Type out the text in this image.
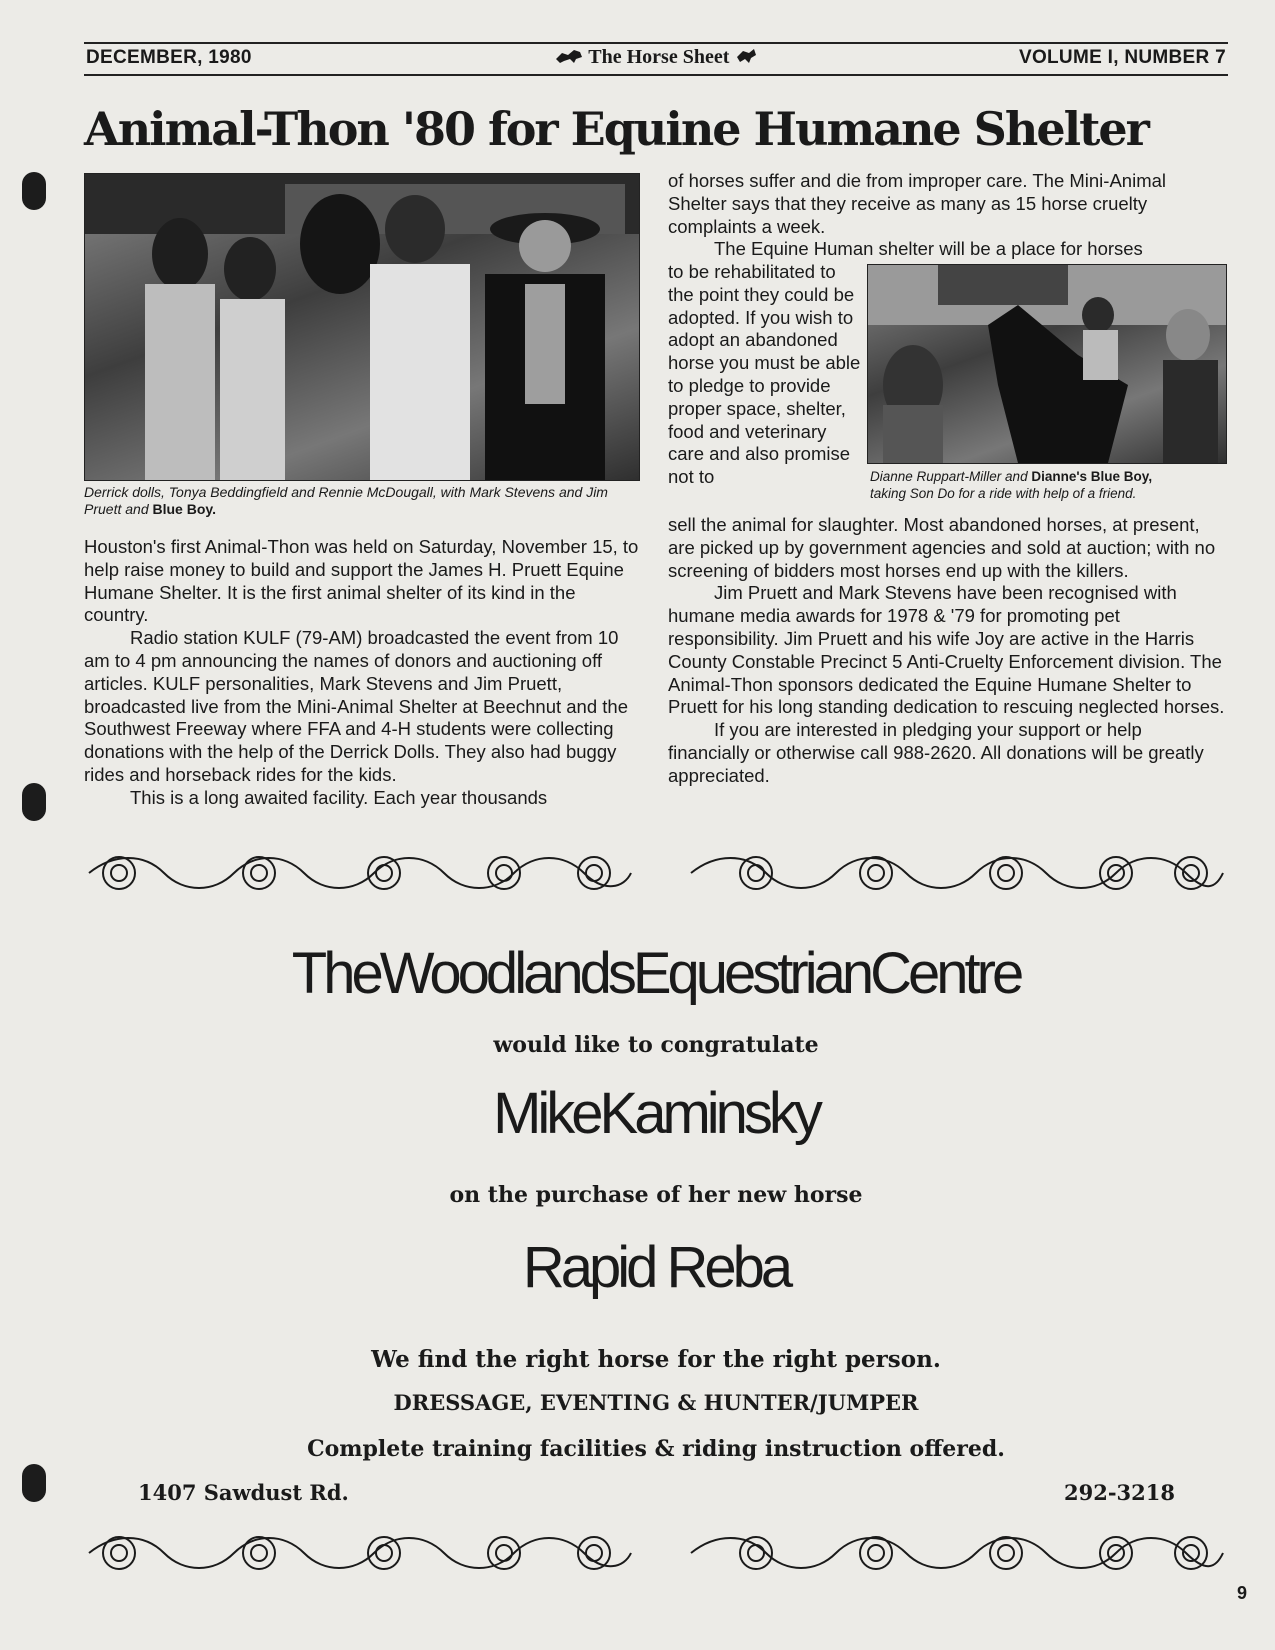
DECEMBER, 1980	The Horse Sheet	VOLUME I, NUMBER 7
Animal-Thon '80 for Equine Humane Shelter
Derrick dolls, Tonya Beddingfield and Rennie McDougall, with Mark Stevens and Jim Pruett and Blue Boy.

Houston's first Animal-Thon was held on Saturday, November 15, to help raise money to build and support the James H. Pruett Equine Humane Shelter. It is the first animal shelter of its kind in the country.

Radio station KULF (79-AM) broadcasted the event from 10 am to 4 pm announcing the names of donors and auctioning off articles. KULF personalities, Mark Stevens and Jim Pruett, broadcasted live from the Mini-Animal Shelter at Beechnut and the Southwest Freeway where FFA and 4-H students were collecting donations with the help of the Derrick Dolls. They also had buggy rides and horseback rides for the kids.

This is a long awaited facility. Each year thousands

of horses suffer and die from improper care. The Mini-Animal Shelter says that they receive as many as 15 horse cruelty complaints a week.

The Equine Human shelter will be a place for horses

to be rehabilitated to the point they could be adopted. If you wish to adopt an abandoned horse you must be able to pledge to provide proper space, shelter, food and veterinary care and also promise not to	Dianne Ruppart-Miller and Dianne's Blue Boy,
taking Son Do for a ride with help of a friend.

sell the animal for slaughter. Most abandoned horses, at present, are picked up by government agencies and sold at auction; with no screening of bidders most horses end up with the killers.

Jim Pruett and Mark Stevens have been recognised with humane media awards for 1978 & '79 for promoting pet responsibility. Jim Pruett and his wife Joy are active in the Harris County Constable Precinct 5 Anti-Cruelty Enforcement division. The Animal-Thon sponsors dedicated the Equine Humane Shelter to Pruett for his long standing dedication to rescuing neglected horses.

If you are interested in pledging your support or help financially or otherwise call 988-2620. All donations will be greatly appreciated.

TheWoodlandsEquestrianCentre
would like to congratulate
MikeKaminsky
on the purchase of her new horse
Rapid Reba
We find the right horse for the right person.
DRESSAGE, EVENTING & HUNTER/JUMPER
Complete training facilities & riding instruction offered.
1407 Sawdust Rd.	292-3218
9
